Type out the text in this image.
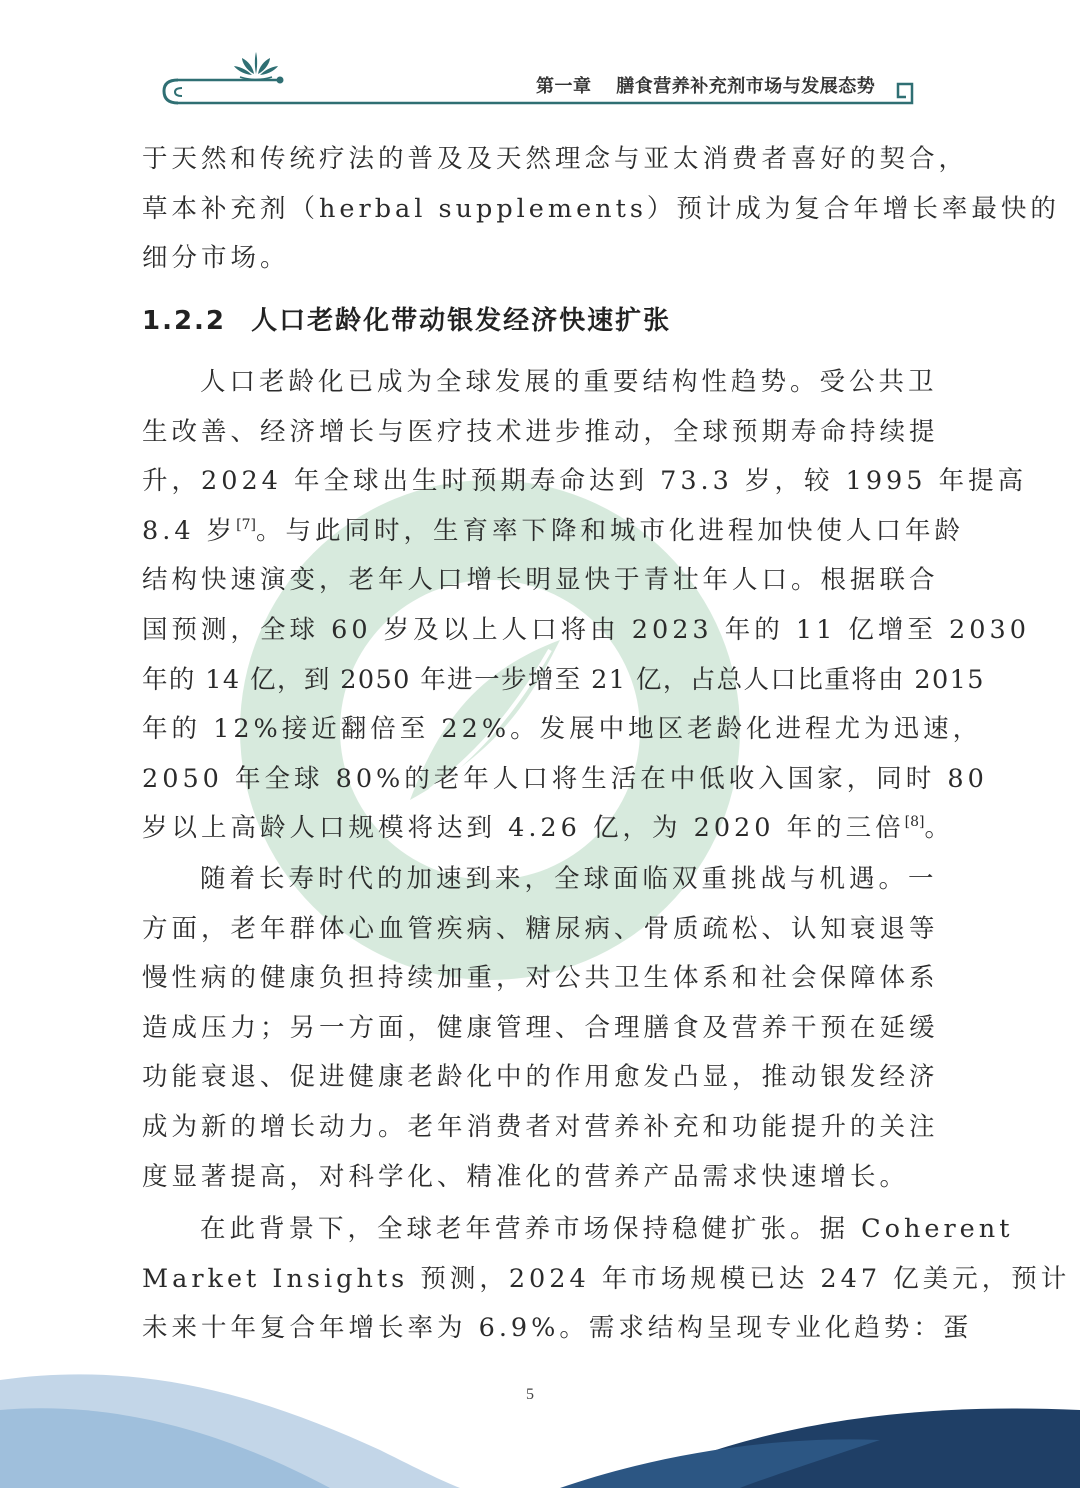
第一章 膳食营养补充剂市场与发展态势
于天然和传统疗法的普及及天然理念与亚太消费者喜好的契合，
草本补充剂（herbal supplements）预计成为复合年增长率最快的
细分市场。
1.2.2 人口老龄化带动银发经济快速扩张
人口老龄化已成为全球发展的重要结构性趋势。受公共卫
生改善、经济增长与医疗技术进步推动，全球预期寿命持续提
升，2024 年全球出生时预期寿命达到 73.3 岁，较 1995 年提高
8.4 岁[7]。与此同时，生育率下降和城市化进程加快使人口年龄
结构快速演变，老年人口增长明显快于青壮年人口。根据联合
国预测，全球 60 岁及以上人口将由 2023 年的 11 亿增至 2030
年的 14 亿，到 2050 年进一步增至 21 亿，占总人口比重将由 2015
年的 12%接近翻倍至 22%。发展中地区老龄化进程尤为迅速，
2050 年全球 80%的老年人口将生活在中低收入国家，同时 80
岁以上高龄人口规模将达到 4.26 亿，为 2020 年的三倍[8]。
随着长寿时代的加速到来，全球面临双重挑战与机遇。一
方面，老年群体心血管疾病、糖尿病、骨质疏松、认知衰退等
慢性病的健康负担持续加重，对公共卫生体系和社会保障体系
造成压力；另一方面，健康管理、合理膳食及营养干预在延缓
功能衰退、促进健康老龄化中的作用愈发凸显，推动银发经济
成为新的增长动力。老年消费者对营养补充和功能提升的关注
度显著提高，对科学化、精准化的营养产品需求快速增长。
在此背景下，全球老年营养市场保持稳健扩张。据 Coherent
Market Insights 预测，2024 年市场规模已达 247 亿美元，预计
未来十年复合年增长率为 6.9%。需求结构呈现专业化趋势：蛋
5
